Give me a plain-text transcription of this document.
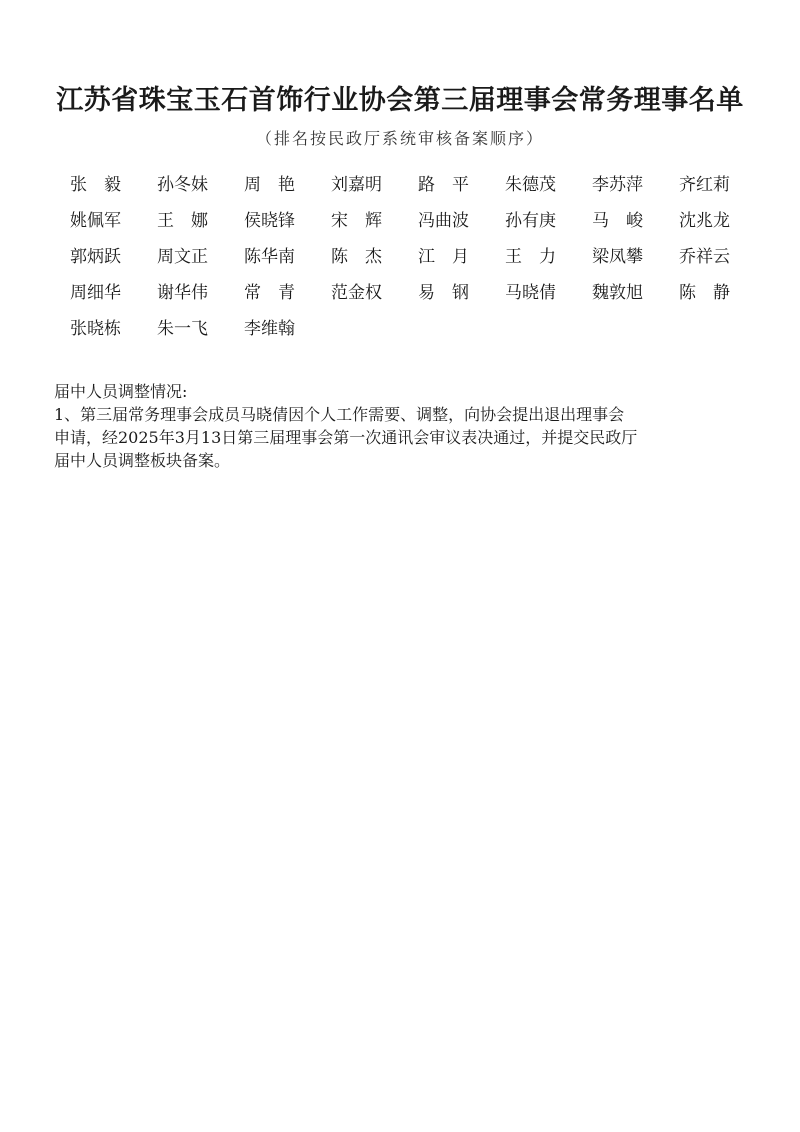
江苏省珠宝玉石首饰行业协会第三届理事会常务理事名单
（排名按民政厅系统审核备案顺序）
张　毅	孙冬妹	周　艳	刘嘉明	路　平	朱德茂	李苏萍	齐红莉
姚佩军	王　娜	侯晓锋	宋　辉	冯曲波	孙有庚	马　峻	沈兆龙
郭炳跃	周文正	陈华南	陈　杰	江　月	王　力	梁凤攀	乔祥云
周细华	谢华伟	常　青	范金权	易　钢	马晓倩	魏敦旭	陈　静
张晓栋	朱一飞	李维翰

届中人员调整情况:

1、第三届常务理事会成员马晓倩因个人工作需要、调整，向协会提出退出理事会

申请，经2025年3月13日第三届理事会第一次通讯会审议表决通过，并提交民政厅

届中人员调整板块备案。
